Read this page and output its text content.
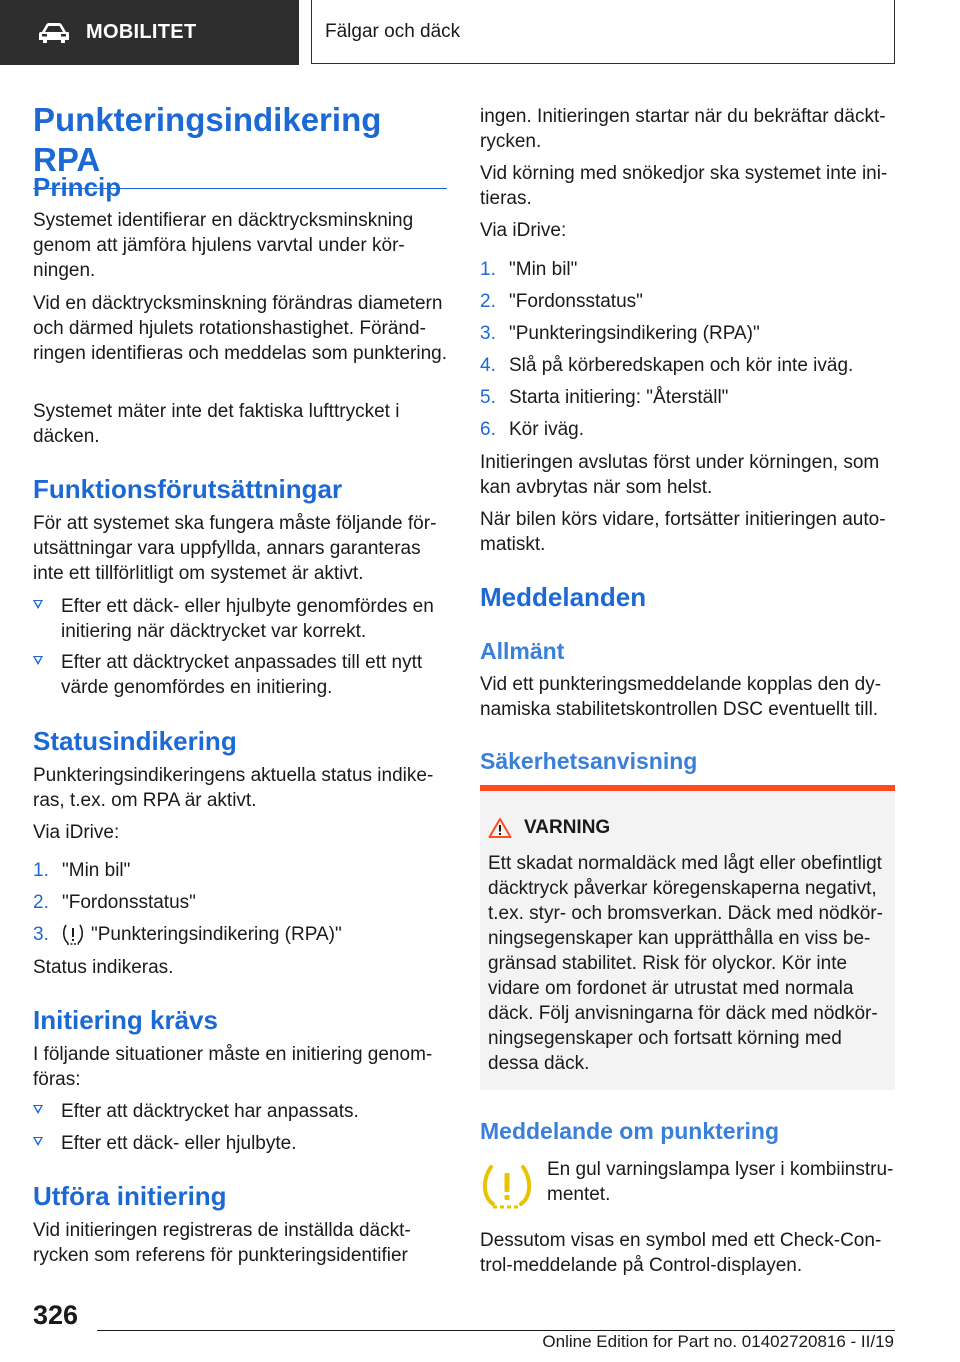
MOBILITET	Fälgar och däck
Punkteringsindikering RPA
Princip

Systemet identifierar en däcktrycksminskning genom att jämföra hjulens varvtal under körningen.

Vid en däcktrycksminskning förändras diametern och därmed hjulets rotationshastighet. Förändringen identifieras och meddelas som punktering.

Systemet mäter inte det faktiska lufttrycket i däcken.

Funktionsförutsättningar

För att systemet ska fungera måste följande förutsättningar vara uppfyllda, annars garanteras inte ett tillförlitligt om systemet är aktivt.

Efter ett däck- eller hjulbyte genomfördes en initiering när däcktrycket var korrekt.
Efter att däcktrycket anpassades till ett nytt värde genomfördes en initiering.
Statusindikering

Punkteringsindikeringens aktuella status indikeras, t.ex. om RPA är aktivt.

Via iDrive:

1. "Min bil"
2. "Fordonsstatus"
3. "Punkteringsindikering (RPA)"

Status indikeras.

Initiering krävs

I följande situationer måste en initiering genomföras:

Efter att däcktrycket har anpassats.
Efter ett däck- eller hjulbyte.
Utföra initiering

Vid initieringen registreras de inställda däcktrycken som referens för punkteringsidentifier

ingen. Initieringen startar när du bekräftar däcktrycken.

Vid körning med snökedjor ska systemet inte initieras.

Via iDrive:

1. "Min bil"
2. "Fordonsstatus"
3. "Punkteringsindikering (RPA)"
4. Slå på körberedskapen och kör inte iväg.
5. Starta initiering: "Återställ"
6. Kör iväg.

Initieringen avslutas först under körningen, som kan avbrytas när som helst.

När bilen körs vidare, fortsätter initieringen automatiskt.

Meddelanden
Allmänt

Vid ett punkteringsmeddelande kopplas den dynamiska stabilitetskontrollen DSC eventuellt till.

Säkerhetsanvisning
VARNING

Ett skadat normaldäck med lågt eller obefintligt däcktryck påverkar köregenskaperna negativt, t.ex. styr- och bromsverkan. Däck med nödkörningsegenskaper kan upprätthålla en viss begränsad stabilitet. Risk för olyckor. Kör inte vidare om fordonet är utrustat med normala däck. Följ anvisningarna för däck med nödkörningsegenskaper och fortsatt körning med dessa däck.

Meddelande om punktering

En gul varningslampa lyser i kombiinstrumentet.

Dessutom visas en symbol med ett Check-Control-meddelande på Control-displayen.

326
Online Edition for Part no. 01402720816 - II/19
